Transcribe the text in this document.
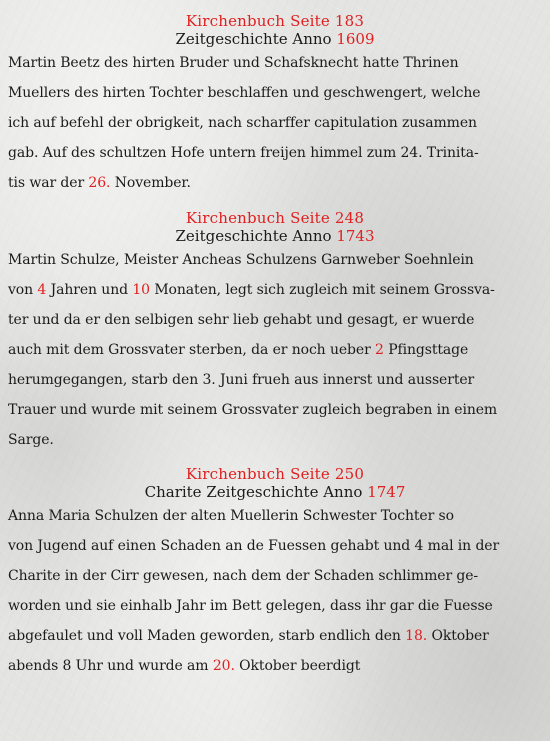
Kirchenbuch Seite 183

Zeitgeschichte Anno 1609

Martin Beetz des hirten Bruder und Schafsknecht hatte Thrinen
Muellers des hirten Tochter beschlaffen und geschwengert, welche
ich auf befehl der obrigkeit, nach scharffer capitulation zusammen
gab. Auf des schultzen Hofe untern freijen himmel zum 24. Trinita-
tis war der 26. November.

Kirchenbuch Seite 248

Zeitgeschichte Anno 1743

Martin Schulze, Meister Ancheas Schulzens Garnweber Soehnlein
von 4 Jahren und 10 Monaten, legt sich zugleich mit seinem Grossva-
ter und da er den selbigen sehr lieb gehabt und gesagt, er wuerde
auch mit dem Grossvater sterben, da er noch ueber 2 Pfingsttage
herumgegangen, starb den 3. Juni frueh aus innerst und ausserter
Trauer und wurde mit seinem Grossvater zugleich begraben in einem
Sarge.

Kirchenbuch Seite 250

Charite Zeitgeschichte Anno 1747

Anna Maria Schulzen der alten Muellerin Schwester Tochter so
von Jugend auf einen Schaden an de Fuessen gehabt und 4 mal in der
Charite in der Cirr gewesen, nach dem der Schaden schlimmer ge-
worden und sie einhalb Jahr im Bett gelegen, dass ihr gar die Fuesse
abgefaulet und voll Maden geworden, starb endlich den 18. Oktober
abends 8 Uhr und wurde am 20. Oktober beerdigt
